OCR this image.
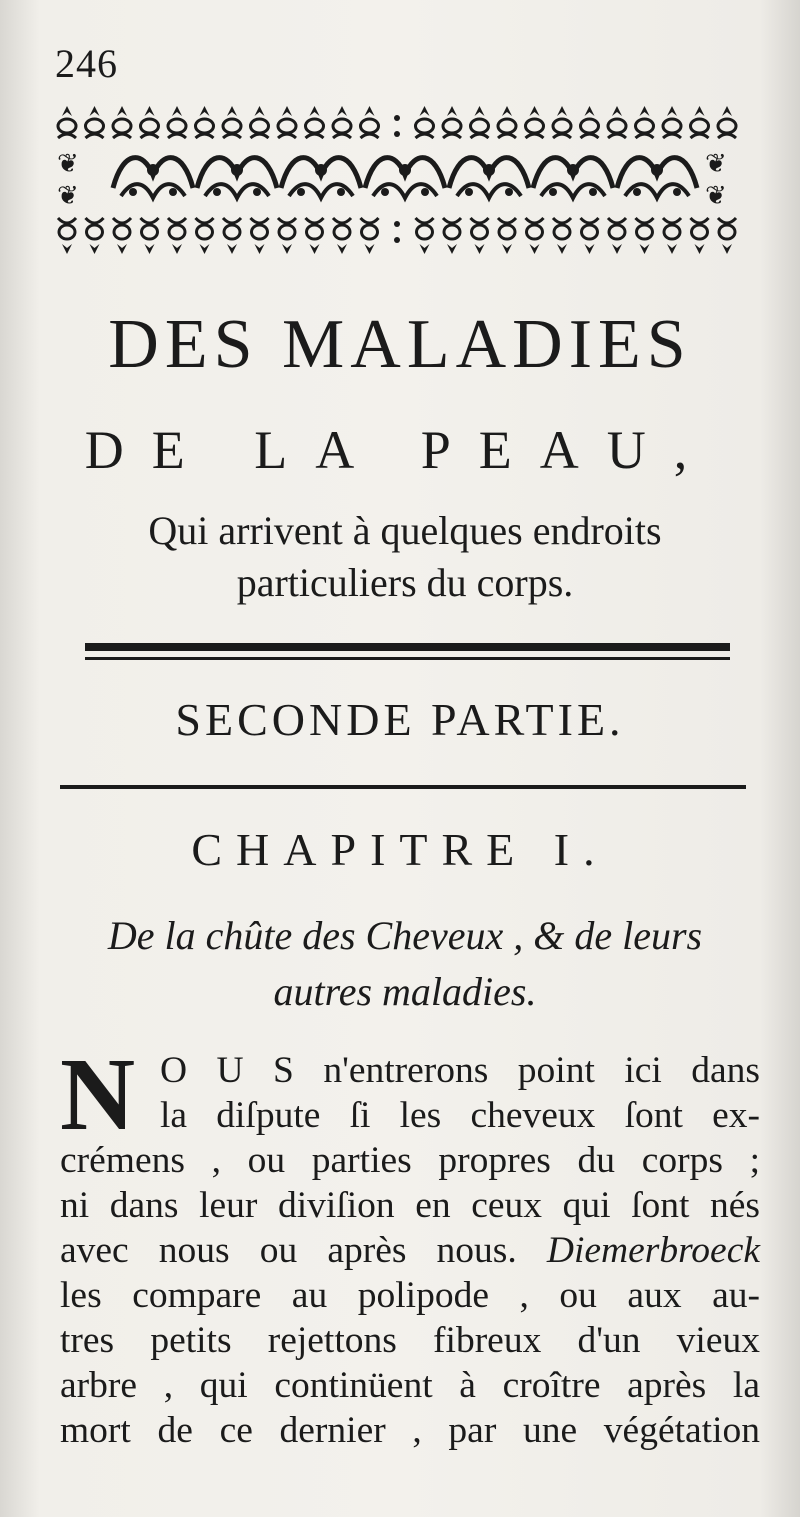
246
❦
❦
❦
❦
DES MALADIES
DE LA PEAU,
Qui arrivent à quelques endroits
particuliers du corps.
SECONDE PARTIE.
CHAPITRE I.
De la chûte des Cheveux , & de leurs
autres maladies.
N O U S n'entrerons point ici dans
la diſpute ſi les cheveux ſont ex-
crémens , ou parties propres du corps ;
ni dans leur diviſion en ceux qui ſont nés
avec nous ou après nous. Diemerbroeck
les compare au polipode , ou aux au-
tres petits rejettons fibreux d'un vieux
arbre , qui continüent à croître après la
mort de ce dernier , par une végétation
